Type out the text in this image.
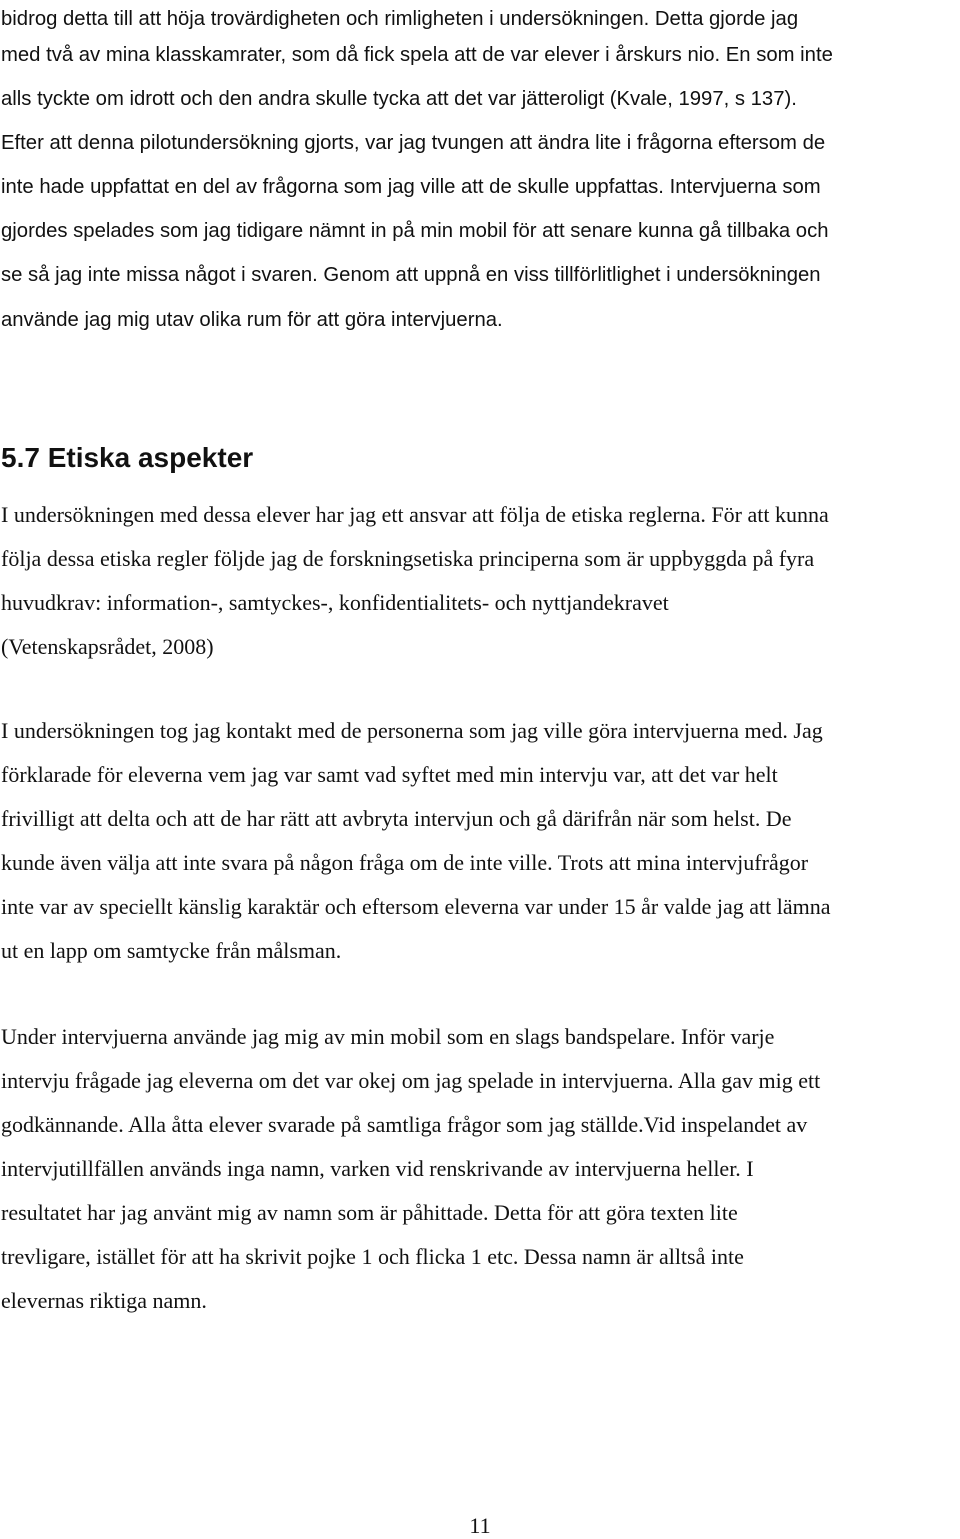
bidrog detta till att höja trovärdigheten och rimligheten i undersökningen. Detta gjorde jag
med två av mina klasskamrater, som då fick spela att de var elever i årskurs nio. En som inte
alls tyckte om idrott och den andra skulle tycka att det var jätteroligt (Kvale, 1997, s 137).
Efter att denna pilotundersökning gjorts, var jag tvungen att ändra lite i frågorna eftersom de
inte hade uppfattat en del av frågorna som jag ville att de skulle uppfattas. Intervjuerna som
gjordes spelades som jag tidigare nämnt in på min mobil för att senare kunna gå tillbaka och
se så jag inte missa något i svaren. Genom att uppnå en viss tillförlitlighet i undersökningen
använde jag mig utav olika rum för att göra intervjuerna.
5.7 Etiska aspekter
I undersökningen med dessa elever har jag ett ansvar att följa de etiska reglerna. För att kunna
följa dessa etiska regler följde jag de forskningsetiska principerna som är uppbyggda på fyra
huvudkrav: information-, samtyckes-, konfidentialitets- och nyttjandekravet
(Vetenskapsrådet, 2008)
I undersökningen tog jag kontakt med de personerna som jag ville göra intervjuerna med. Jag
förklarade för eleverna vem jag var samt vad syftet med min intervju var, att det var helt
frivilligt att delta och att de har rätt att avbryta intervjun och gå därifrån när som helst. De
kunde även välja att inte svara på någon fråga om de inte ville. Trots att mina intervjufrågor
inte var av speciellt känslig karaktär och eftersom eleverna var under 15 år valde jag att lämna
ut en lapp om samtycke från målsman.
Under intervjuerna använde jag mig av min mobil som en slags bandspelare. Inför varje
intervju frågade jag eleverna om det var okej om jag spelade in intervjuerna. Alla gav mig ett
godkännande. Alla åtta elever svarade på samtliga frågor som jag ställde.Vid inspelandet av
intervjutillfällen används inga namn, varken vid renskrivande av intervjuerna heller. I
resultatet har jag använt mig av namn som är påhittade. Detta för att göra texten lite
trevligare, istället för att ha skrivit pojke 1 och flicka 1 etc. Dessa namn är alltså inte
elevernas riktiga namn.
11
